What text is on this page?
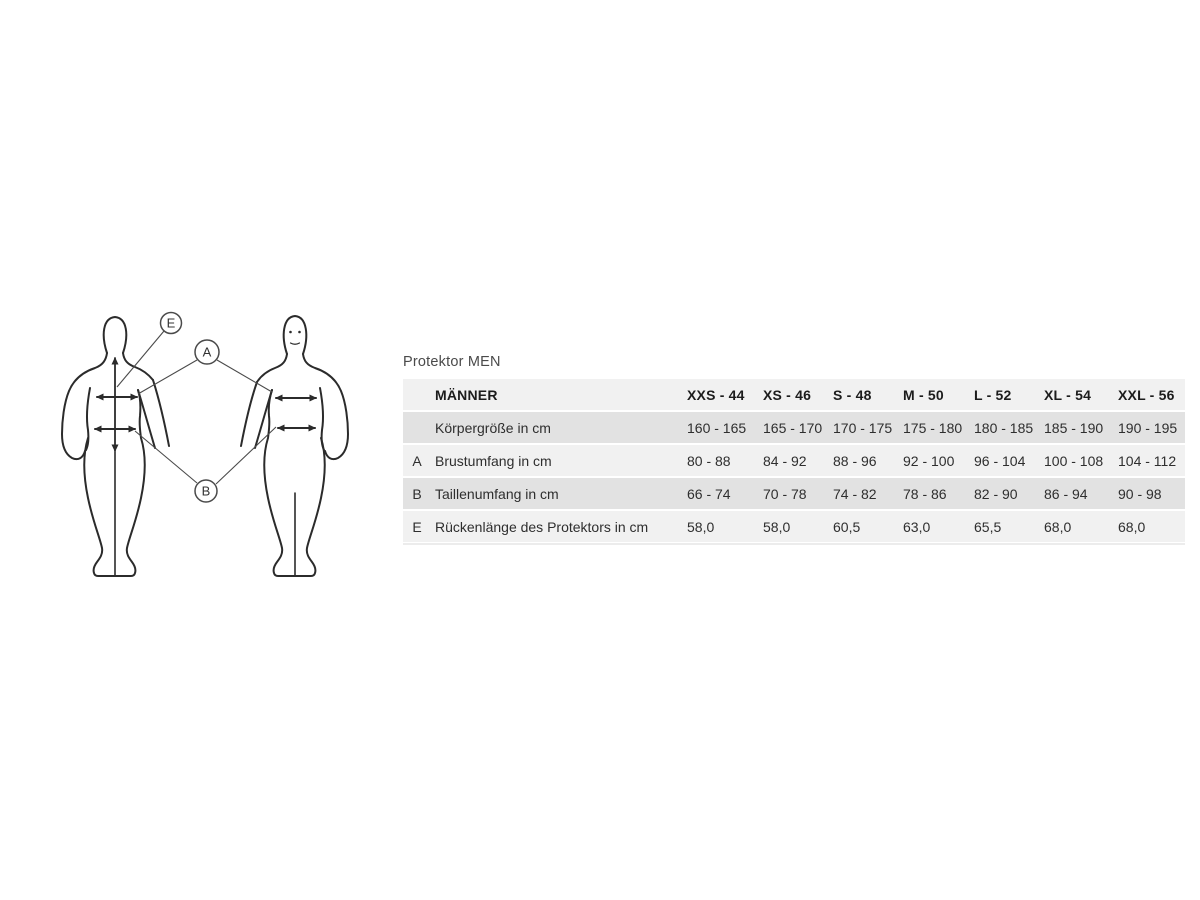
E
A
B
Protektor MEN
	MÄNNER	XXS - 44	XS - 46	S - 48	M - 50	L - 52	XL - 54	XXL - 56
	Körpergröße in cm	160 - 165	165 - 170	170 - 175	175 - 180	180 - 185	185 - 190	190 - 195
A	Brustumfang in cm	80 - 88	84 - 92	88 - 96	92 - 100	96 - 104	100 - 108	104 - 112
B	Taillenumfang in cm	66 - 74	70 - 78	74 - 82	78 - 86	82 - 90	86 - 94	90 - 98
E	Rückenlänge des Protektors in cm	58,0	58,0	60,5	63,0	65,5	68,0	68,0
